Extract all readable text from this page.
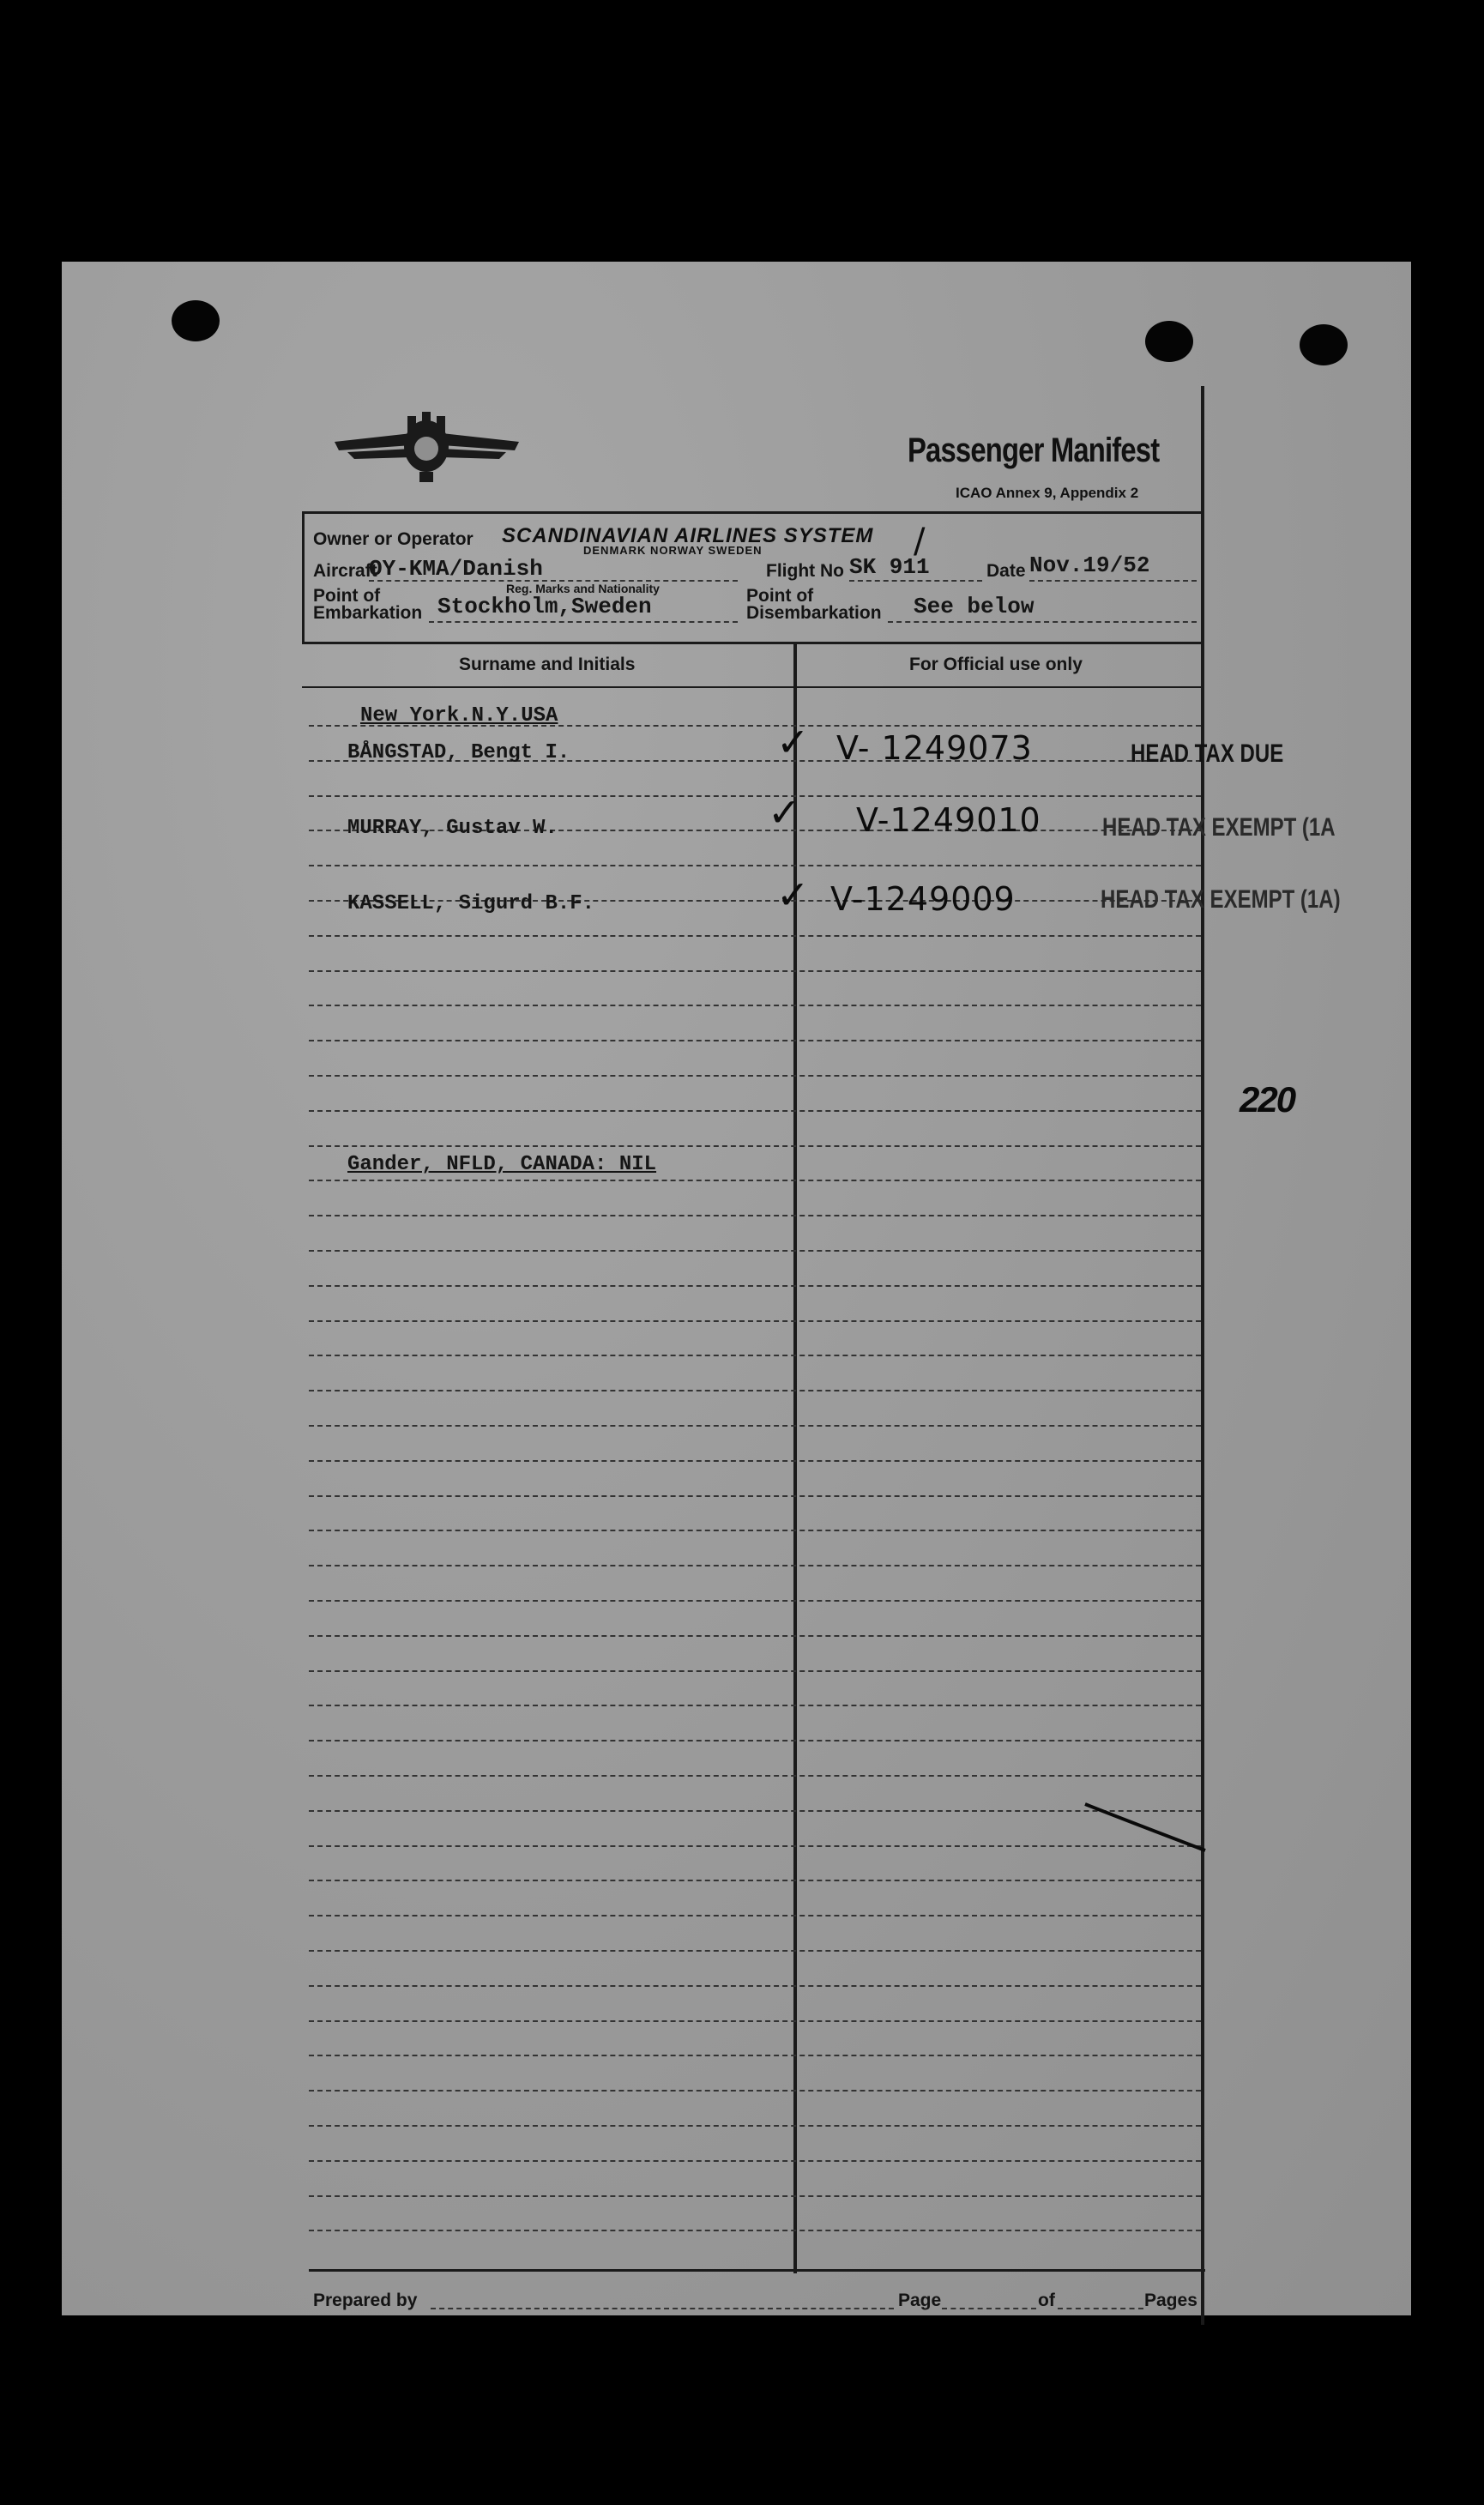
Passenger Manifest
ICAO Annex 9, Appendix 2
Owner or Operator SCANDINAVIAN AIRLINES SYSTEM
DENMARK NORWAY SWEDEN	/
Aircraft
OY-KMA/Danish
Reg. Marks and Nationality
Flight No SK 911	Date Nov.19/52
Point of
Embarkation Stockholm,Sweden	Point of
Disembarkation See below
Surname and Initials	For Official use only
New York.N.Y.USA
BÅNGSTAD, Bengt I.	✓ V- 1249073	HEAD TAX DUE
MURRAY, Gustav W.	✓ V-1249010 HEAD TAX EXEMPT (1A
KASSELL, Sigurd B.F.	✓ V-1249009	HEAD TAX EXEMPT (1A)
Gander, NFLD, CANADA: NIL
220
Prepared by	Page	of	Pages
